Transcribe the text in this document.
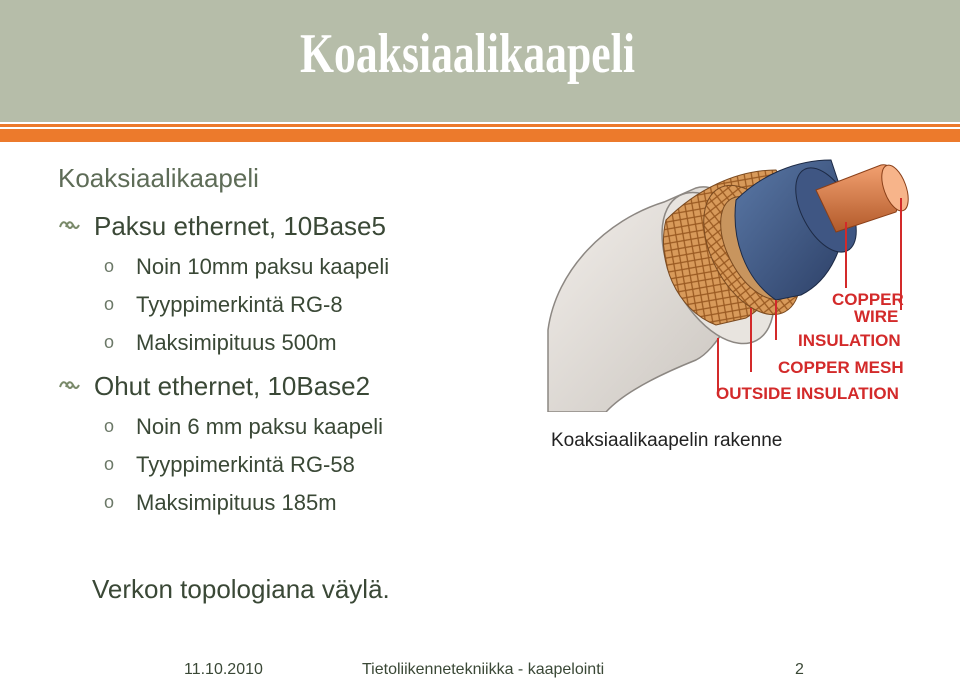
Koaksiaalikaapeli
Koaksiaalikaapeli
Paksu ethernet, 10Base5
o Noin 10mm paksu kaapeli
o Tyyppimerkintä RG-8
o Maksimipituus 500m
Ohut ethernet, 10Base2
o Noin 6 mm paksu kaapeli
o Tyyppimerkintä RG-58
o Maksimipituus 185m
COPPER
WIRE
INSULATION
COPPER MESH
OUTSIDE INSULATION
Koaksiaalikaapelin rakenne
Verkon topologiana väylä.
11.10.2010	Tietoliikennetekniikka - kaapelointi	2
